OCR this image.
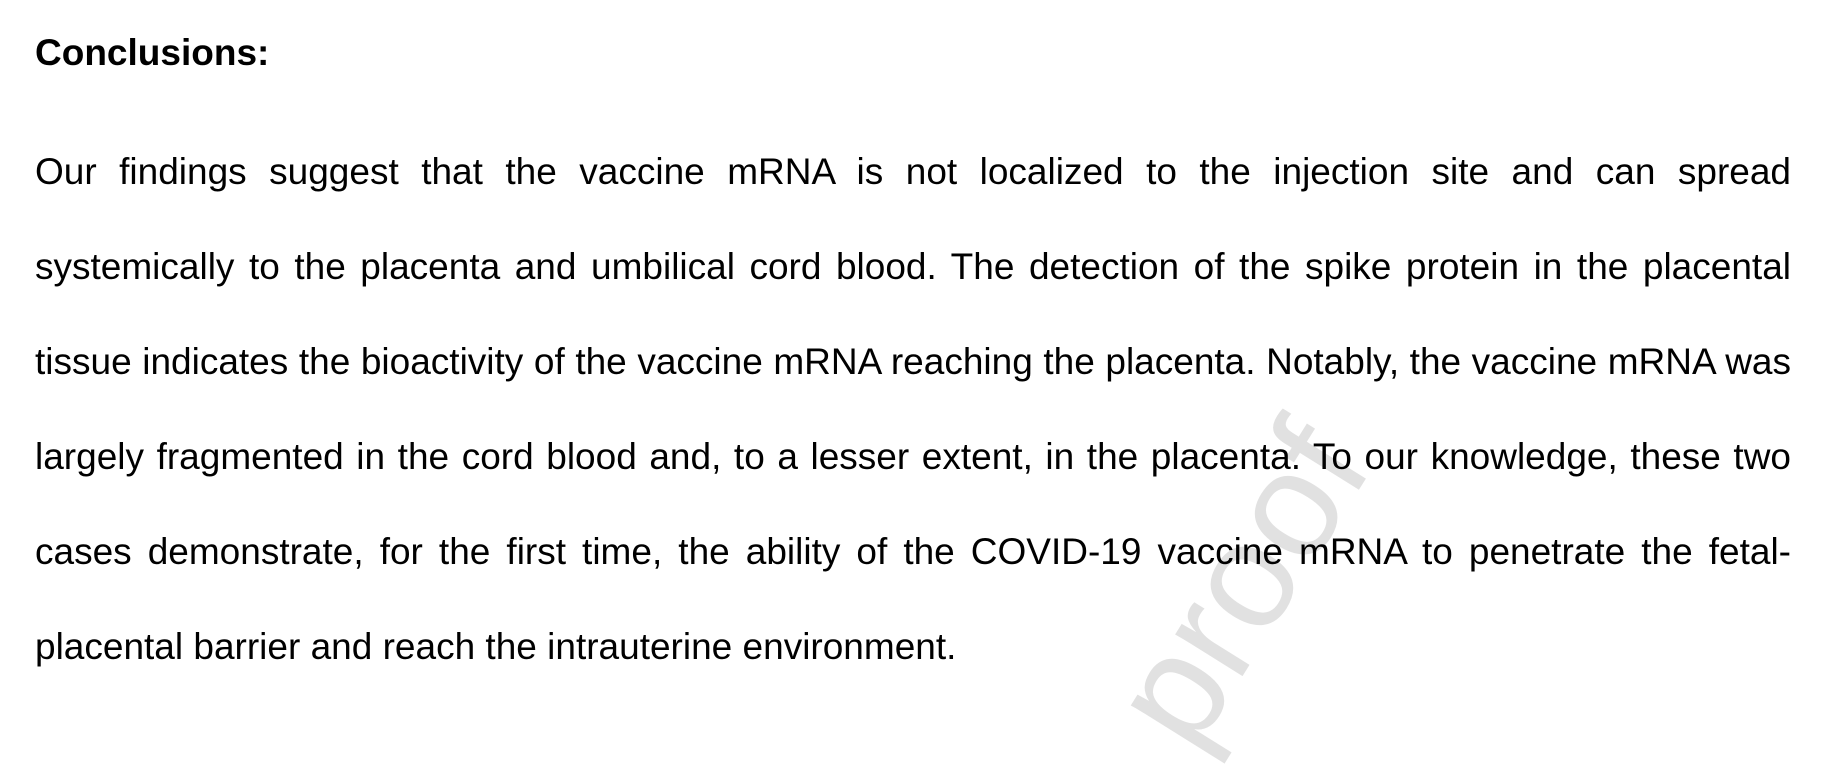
proof
Conclusions:

Our findings suggest that the vaccine mRNA is not localized to the injection site and can spread systemically to the placenta and umbilical cord blood. The detection of the spike protein in the placental tissue indicates the bioactivity of the vaccine mRNA reaching the placenta. Notably, the vaccine mRNA was largely fragmented in the cord blood and, to a lesser extent, in the placenta. To our knowledge, these two cases demonstrate, for the first time, the ability of the COVID-19 vaccine mRNA to penetrate the fetal-placental barrier and reach the intrauterine environment.
